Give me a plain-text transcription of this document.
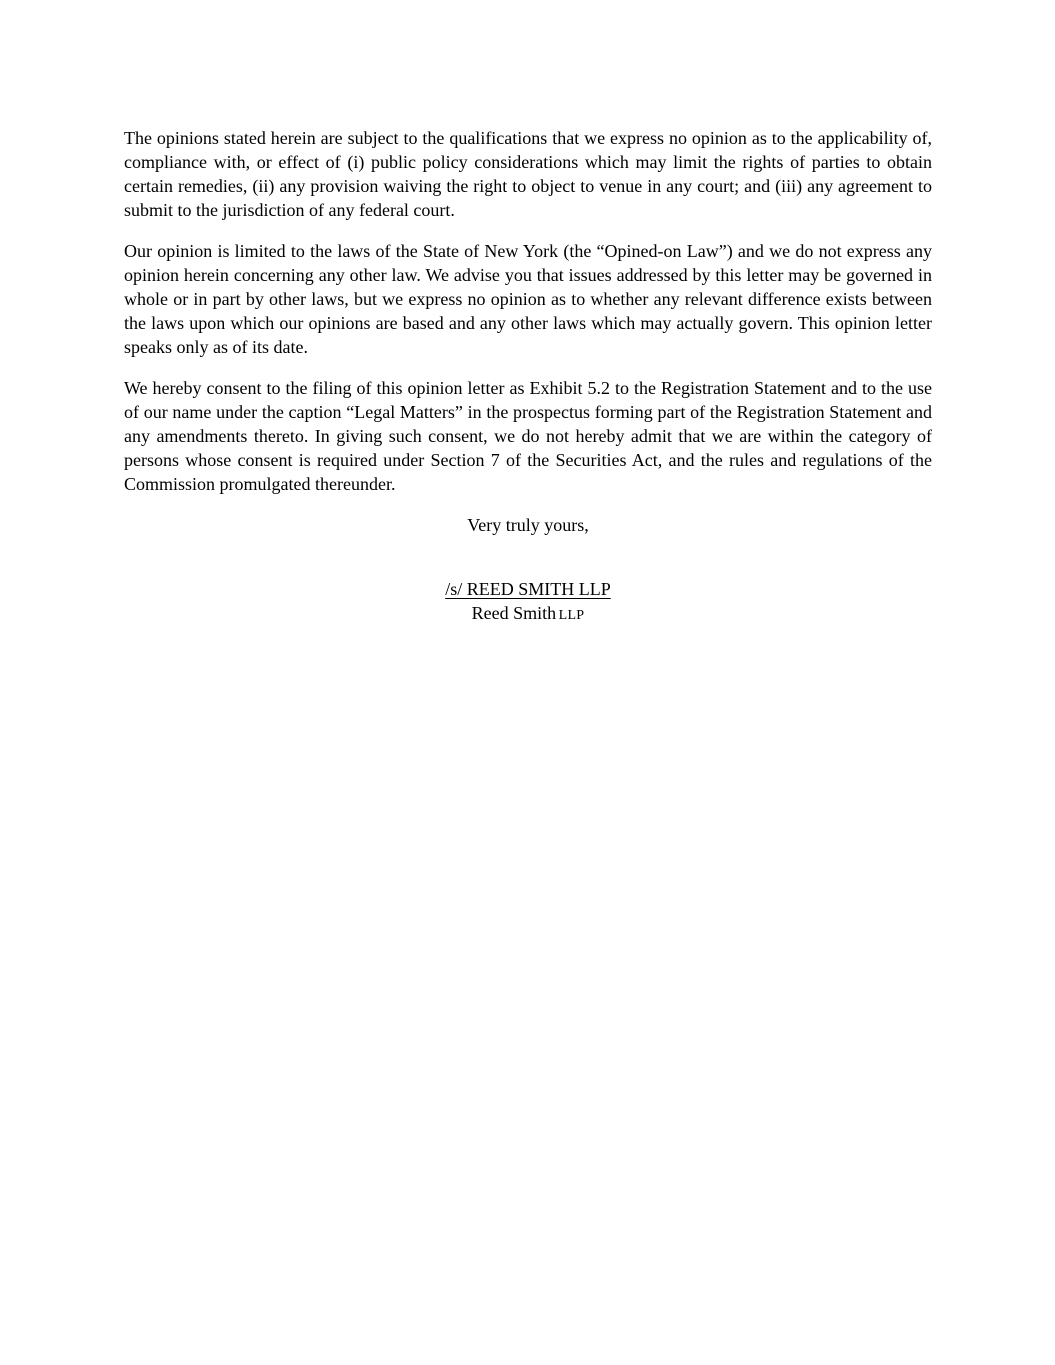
The opinions stated herein are subject to the qualifications that we express no opinion as to the applicability of, compliance with, or effect of (i) public policy considerations which may limit the rights of parties to obtain certain remedies, (ii) any provision waiving the right to object to venue in any court; and (iii) any agreement to submit to the jurisdiction of any federal court.

Our opinion is limited to the laws of the State of New York (the “Opined-on Law”) and we do not express any opinion herein concerning any other law. We advise you that issues addressed by this letter may be governed in whole or in part by other laws, but we express no opinion as to whether any relevant difference exists between the laws upon which our opinions are based and any other laws which may actually govern. This opinion letter speaks only as of its date.

We hereby consent to the filing of this opinion letter as Exhibit 5.2 to the Registration Statement and to the use of our name under the caption “Legal Matters” in the prospectus forming part of the Registration Statement and any amendments thereto. In giving such consent, we do not hereby admit that we are within the category of persons whose consent is required under Section 7 of the Securities Act, and the rules and regulations of the Commission promulgated thereunder.

Very truly yours,

/s/ REED SMITH LLP
Reed Smith LLP
